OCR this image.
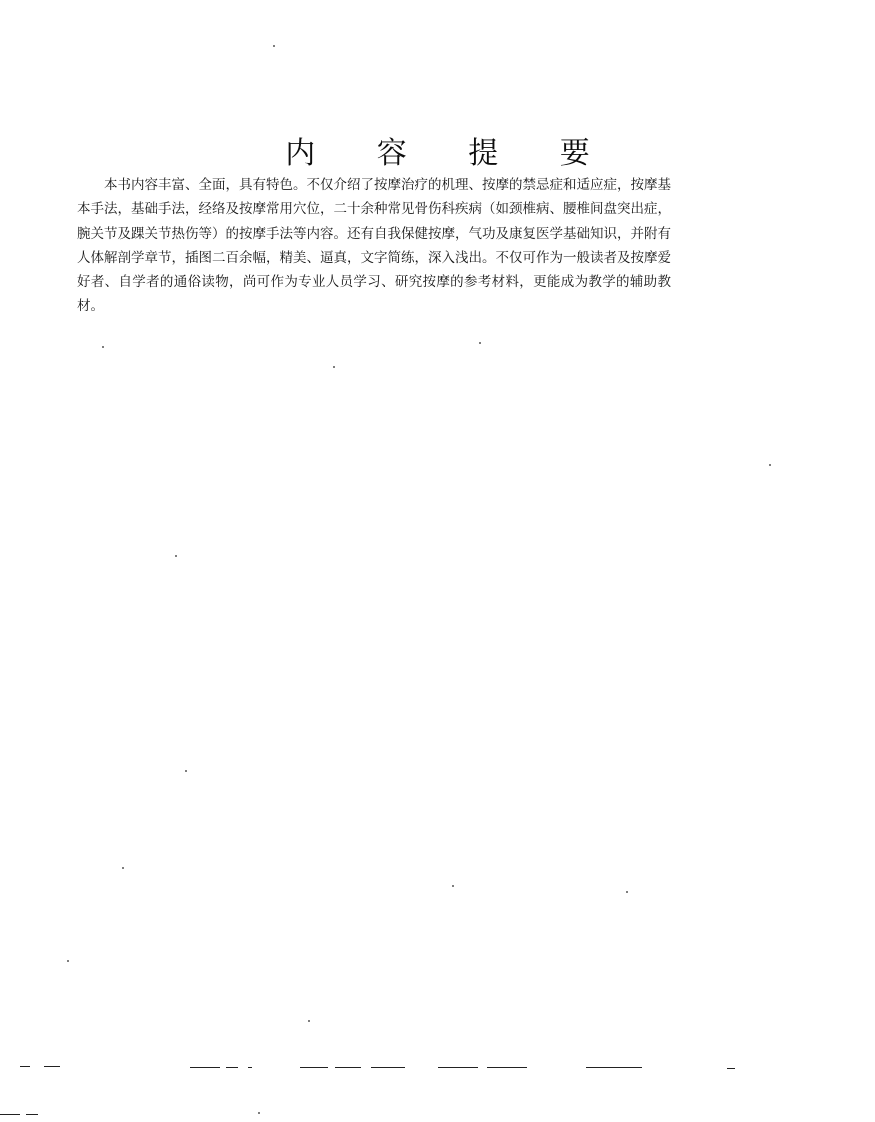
内 容 提 要

本书内容丰富、全面，具有特色。不仅介绍了按摩治疗的机理、按摩的禁忌症和适应症，按摩基本手法，基础手法，经络及按摩常用穴位，二十余种常见骨伤科疾病（如颈椎病、腰椎间盘突出症，腕关节及踝关节热伤等）的按摩手法等内容。还有自我保健按摩，气功及康复医学基础知识，并附有人体解剖学章节，插图二百余幅，精美、逼真，文字简练，深入浅出。不仅可作为一般读者及按摩爱好者、自学者的通俗读物，尚可作为专业人员学习、研究按摩的参考材料，更能成为教学的辅助教材。
